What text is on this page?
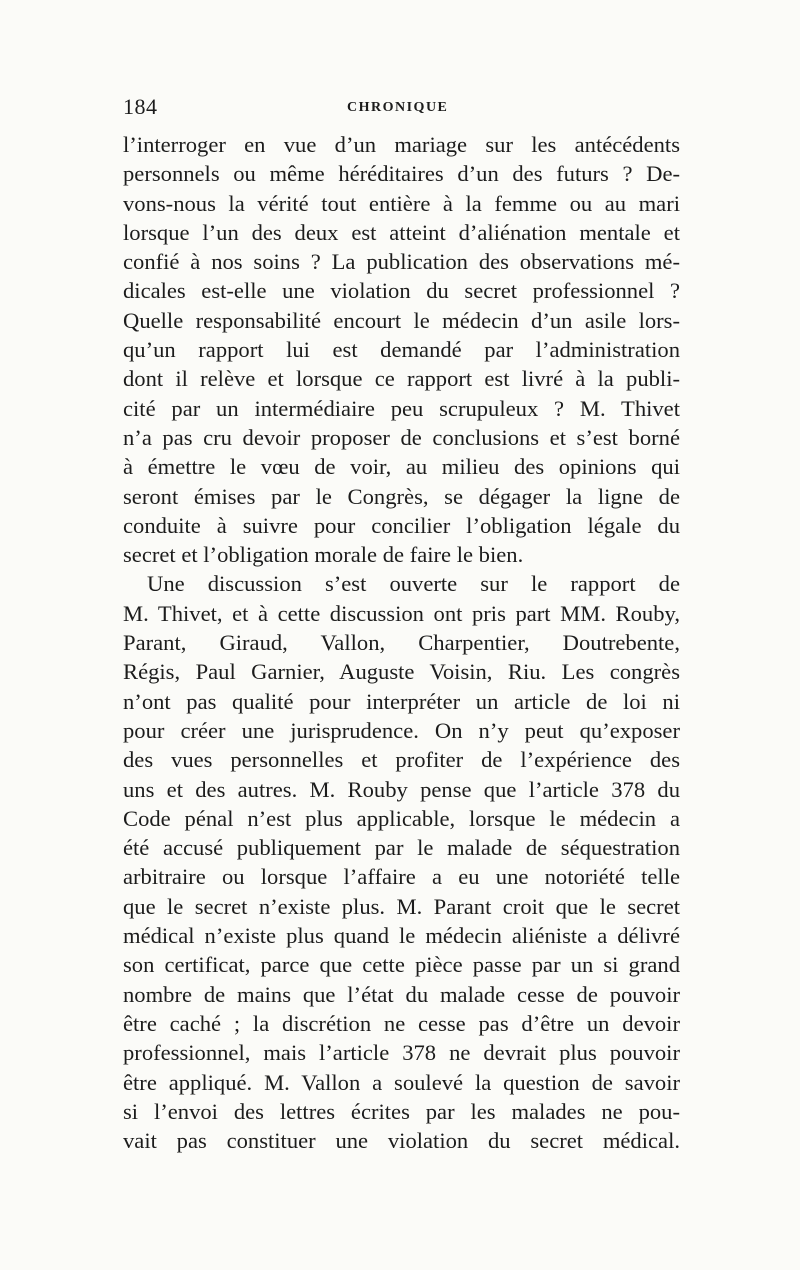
184	CHRONIQUE
l’interroger en vue d’un mariage sur les antécédents
personnels ou même héréditaires d’un des futurs ? De-
vons-nous la vérité tout entière à la femme ou au mari
lorsque l’un des deux est atteint d’aliénation mentale et
confié à nos soins ? La publication des observations mé-
dicales est-elle une violation du secret professionnel ?
Quelle responsabilité encourt le médecin d’un asile lors-
qu’un rapport lui est demandé par l’administration
dont il relève et lorsque ce rapport est livré à la publi-
cité par un intermédiaire peu scrupuleux ? M. Thivet
n’a pas cru devoir proposer de conclusions et s’est borné
à émettre le vœu de voir, au milieu des opinions qui
seront émises par le Congrès, se dégager la ligne de
conduite à suivre pour concilier l’obligation légale du
secret et l’obligation morale de faire le bien.
Une discussion s’est ouverte sur le rapport de
M. Thivet, et à cette discussion ont pris part MM. Rouby,
Parant, Giraud, Vallon, Charpentier, Doutrebente,
Régis, Paul Garnier, Auguste Voisin, Riu. Les congrès
n’ont pas qualité pour interpréter un article de loi ni
pour créer une jurisprudence. On n’y peut qu’exposer
des vues personnelles et profiter de l’expérience des
uns et des autres. M. Rouby pense que l’article 378 du
Code pénal n’est plus applicable, lorsque le médecin a
été accusé publiquement par le malade de séquestration
arbitraire ou lorsque l’affaire a eu une notoriété telle
que le secret n’existe plus. M. Parant croit que le secret
médical n’existe plus quand le médecin aliéniste a délivré
son certificat, parce que cette pièce passe par un si grand
nombre de mains que l’état du malade cesse de pouvoir
être caché ; la discrétion ne cesse pas d’être un devoir
professionnel, mais l’article 378 ne devrait plus pouvoir
être appliqué. M. Vallon a soulevé la question de savoir
si l’envoi des lettres écrites par les malades ne pou-
vait pas constituer une violation du secret médical.
